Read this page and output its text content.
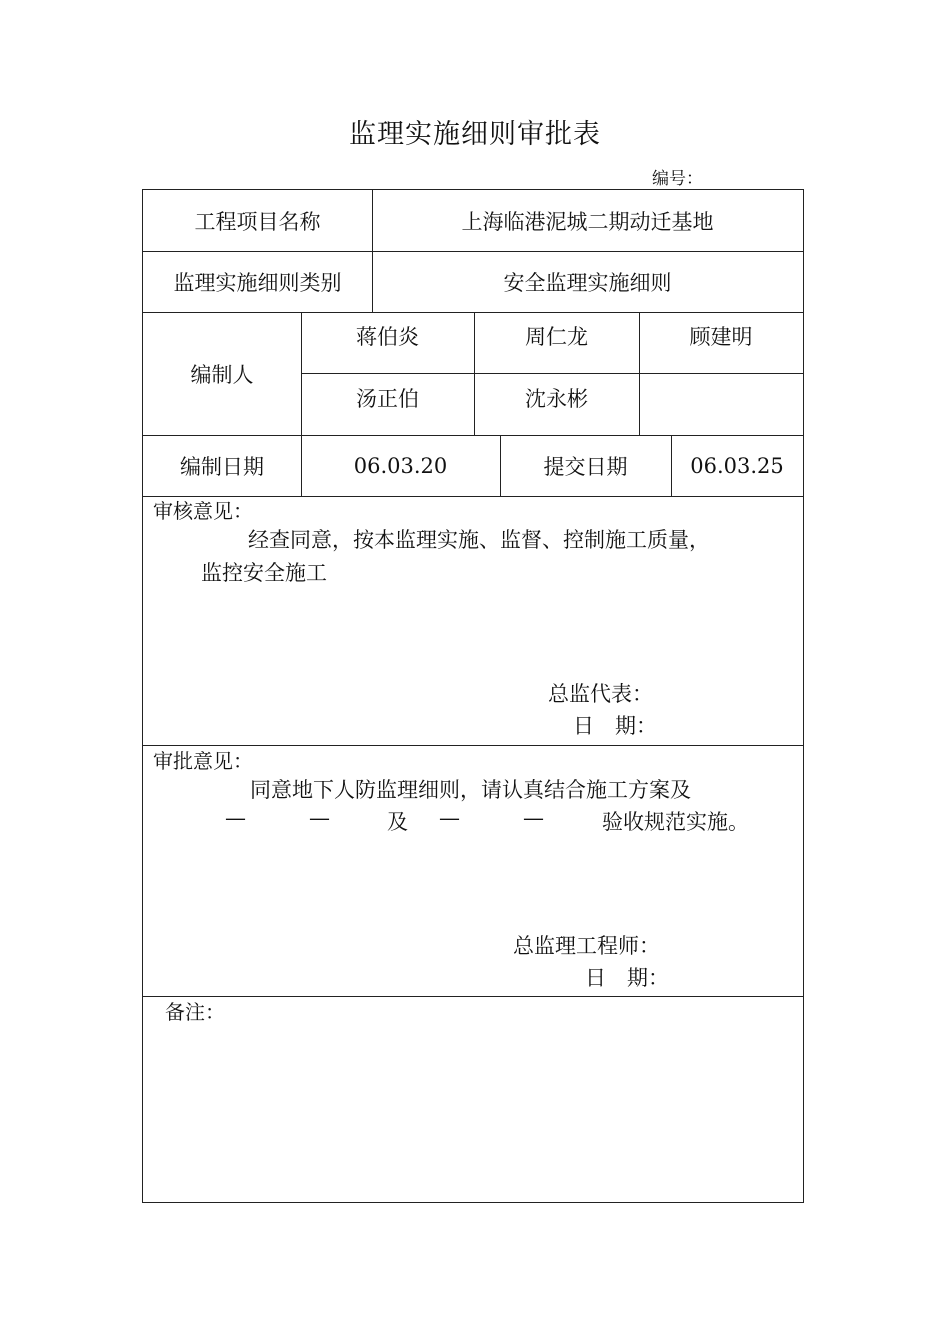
监理实施细则审批表
编号：
工程项目名称	上海临港泥城二期动迁基地
监理实施细则类别	安全监理实施细则
编制人
蒋伯炎	周仁龙	顾建明
汤正伯	沈永彬
编制日期	06.03.20	提交日期	06.03.25
审核意见：
经查同意，按本监理实施、监督、控制施工质量，
监控安全施工
总监代表：
日　期：
审批意见：
同意地下人防监理细则，请认真结合施工方案及
—	—	及 —	—	验收规范实施。
总监理工程师：
日　期：
备注：
